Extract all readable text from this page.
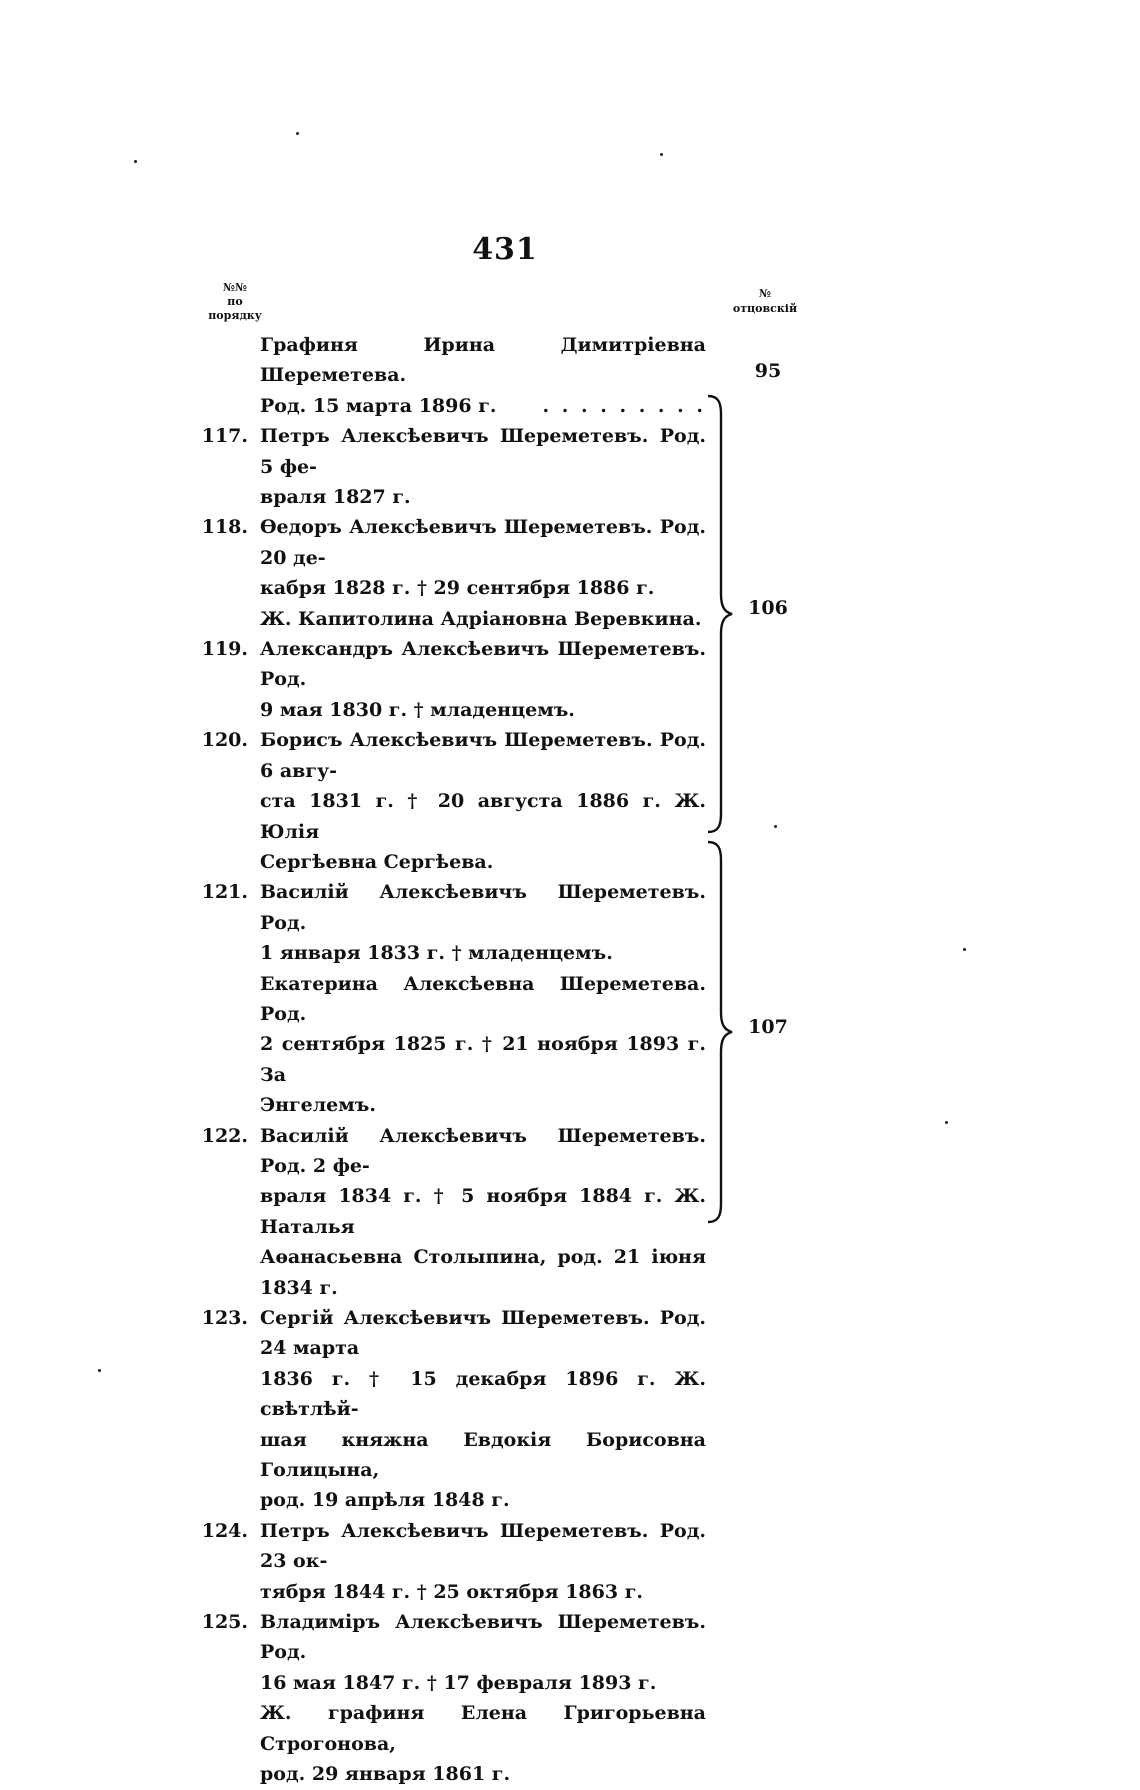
431
№№
по
порядку
№
отцовскій
Графиня Ирина Димитріевна Шереметева.
Род. 15 марта 1896 г. . . . . . . . . .
117. Петръ Алексѣевичъ Шереметевъ. Род. 5 фе-
враля 1827 г.
118. Ѳедоръ Алексѣевичъ Шереметевъ. Род. 20 де-
кабря 1828 г. † 29 сентября 1886 г.
Ж. Капитолина Адріановна Веревкина.
119. Александръ Алексѣевичъ Шереметевъ. Род.
9 мая 1830 г. † младенцемъ.
120. Борисъ Алексѣевичъ Шереметевъ. Род. 6 авгу-
ста 1831 г. † 20 августа 1886 г. Ж. Юлія
Сергѣевна Сергѣева.
121. Василій Алексѣевичъ Шереметевъ. Род.
1 января 1833 г. † младенцемъ.
Екатерина Алексѣевна Шереметева. Род.
2 сентября 1825 г. † 21 ноября 1893 г. За
Энгелемъ.
122. Василій Алексѣевичъ Шереметевъ. Род. 2 фе-
враля 1834 г. † 5 ноября 1884 г. Ж. Наталья
Аѳанасьевна Столыпина, род. 21 іюня 1834 г.
123. Сергій Алексѣевичъ Шереметевъ. Род. 24 марта
1836 г. † 15 декабря 1896 г. Ж. свѣтлѣй-
шая княжна Евдокія Борисовна Голицына,
род. 19 апрѣля 1848 г.
124. Петръ Алексѣевичъ Шереметевъ. Род. 23 ок-
тября 1844 г. † 25 октября 1863 г.
125. Владиміръ Алексѣевичъ Шереметевъ. Род.
16 мая 1847 г. † 17 февраля 1893 г.
Ж. графиня Елена Григорьевна Строгонова,
род. 29 января 1861 г.
95
106
107
